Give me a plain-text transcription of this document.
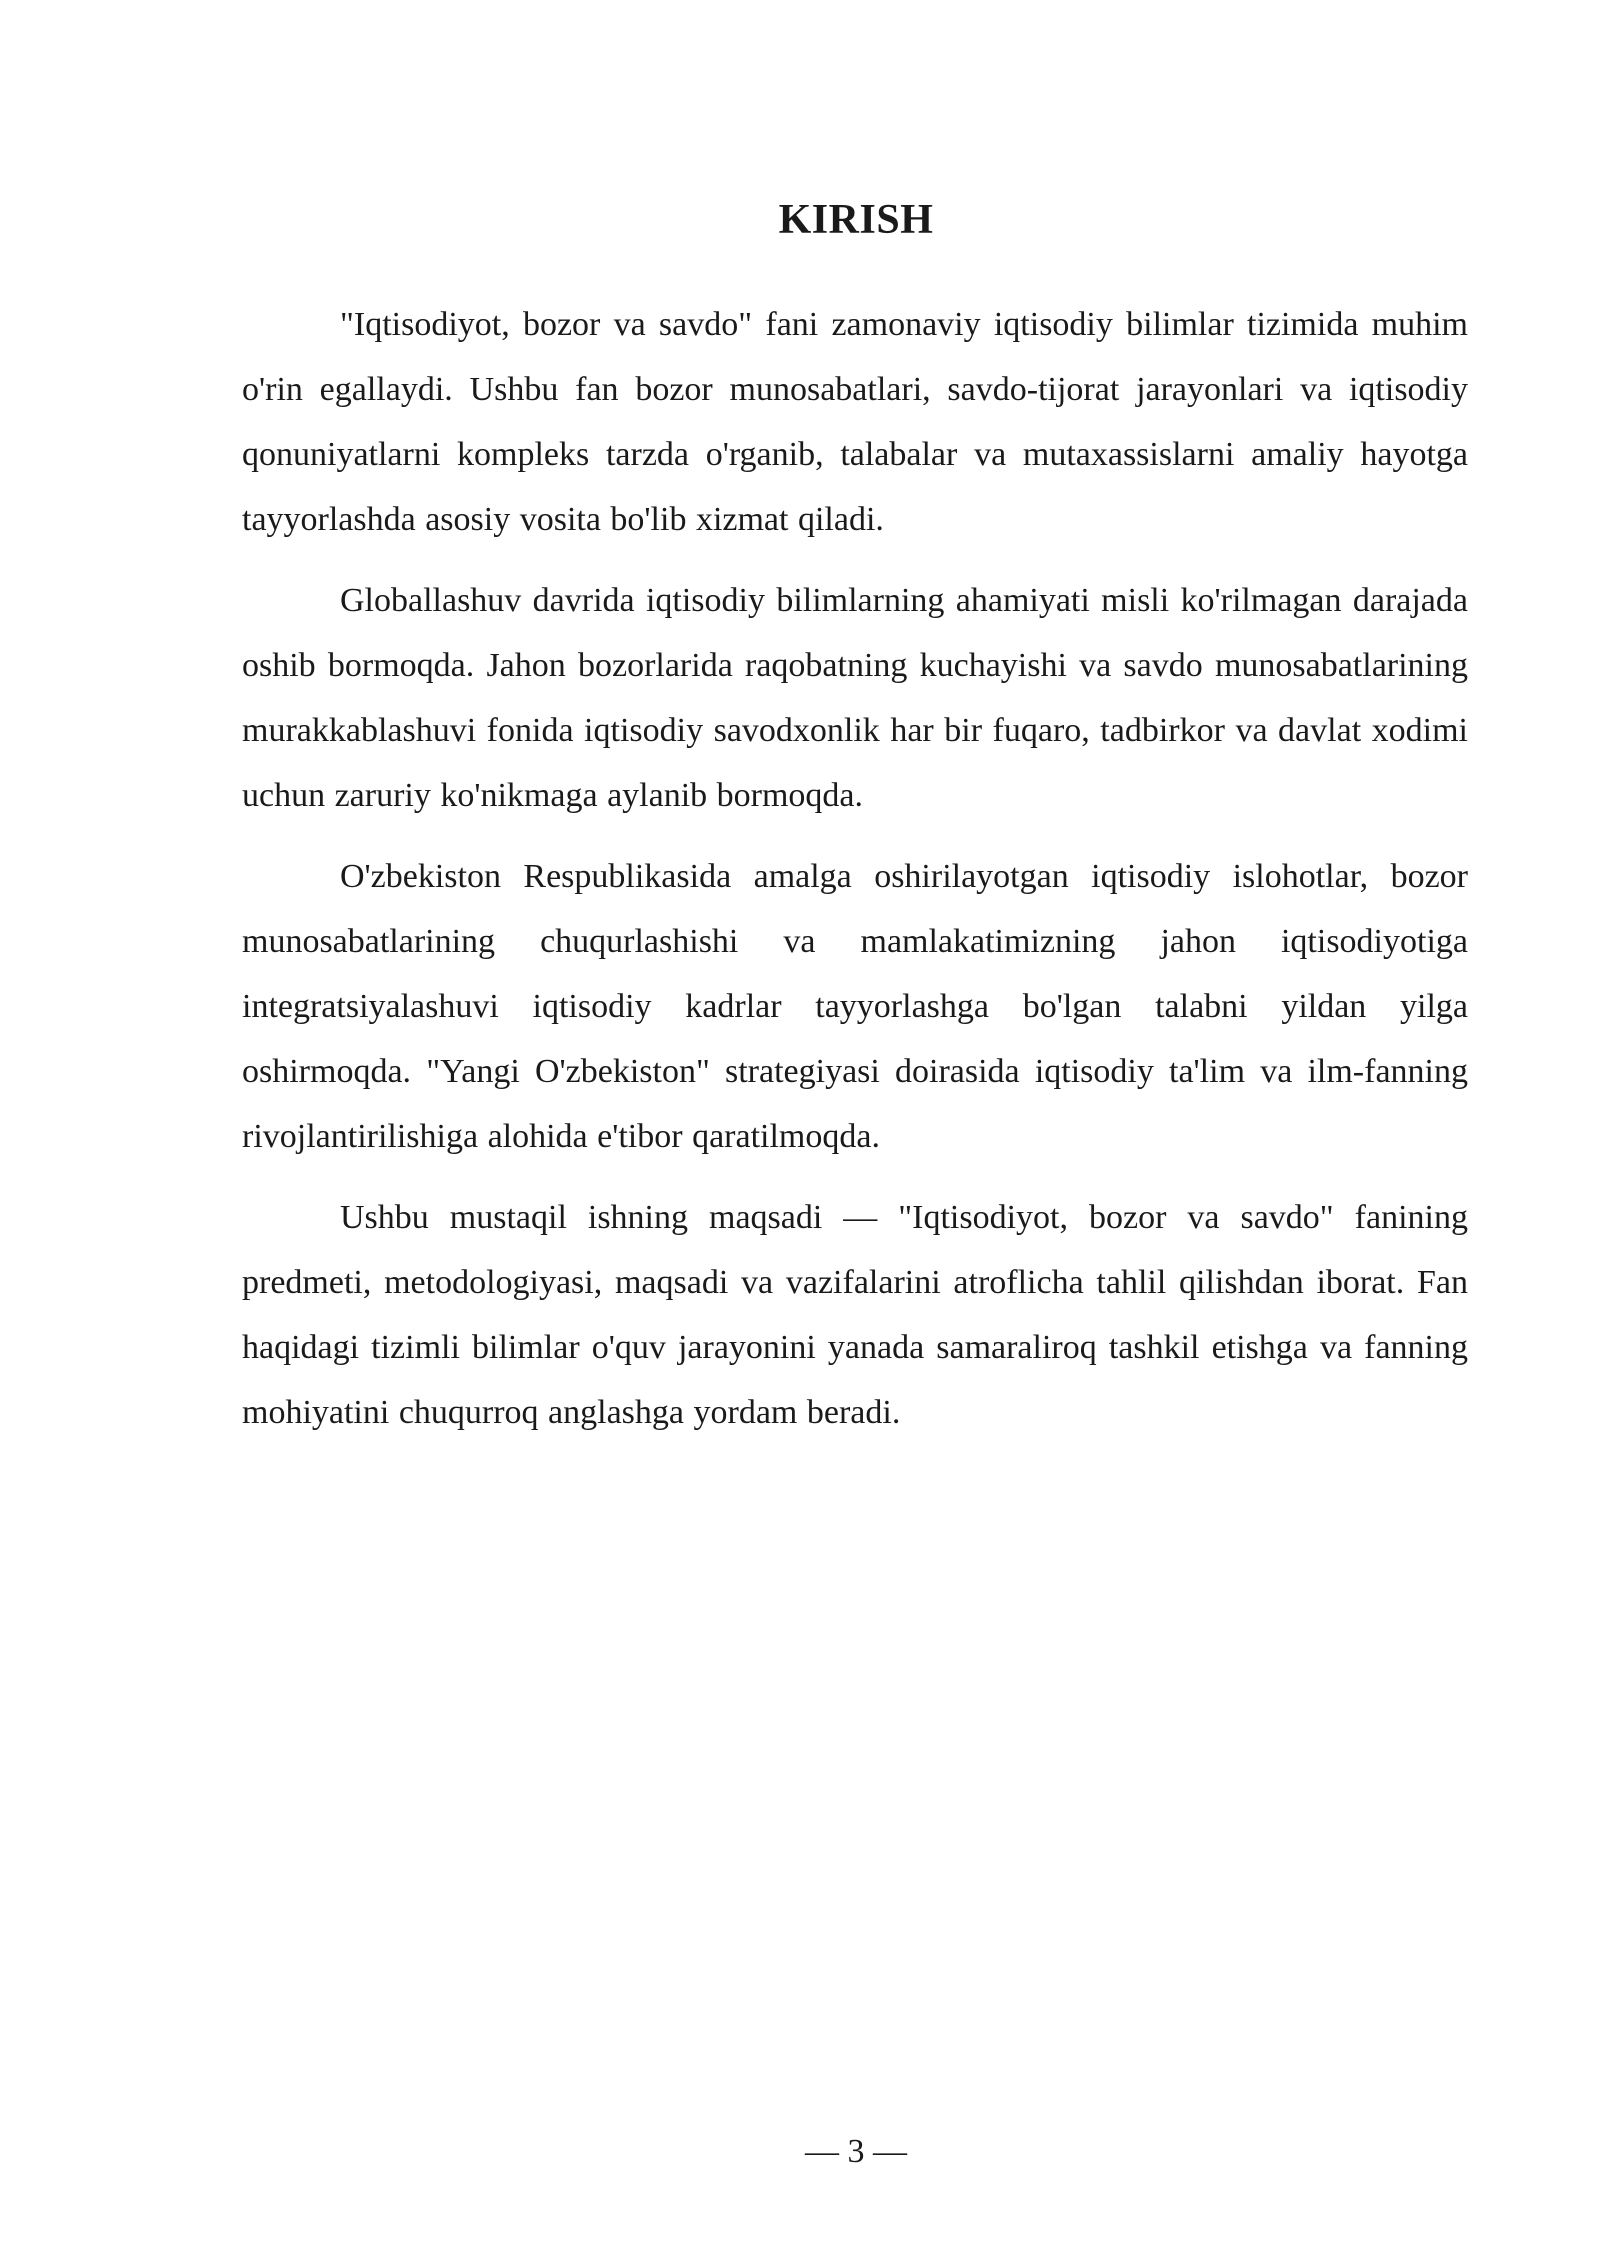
KIRISH

"Iqtisodiyot, bozor va savdo" fani zamonaviy iqtisodiy bilimlar tizimida muhim o'rin egallaydi. Ushbu fan bozor munosabatlari, savdo-tijorat jarayonlari va iqtisodiy qonuniyatlarni kompleks tarzda o'rganib, talabalar va mutaxassislarni amaliy hayotga tayyorlashda asosiy vosita bo'lib xizmat qiladi.

Globallashuv davrida iqtisodiy bilimlarning ahamiyati misli ko'rilmagan darajada oshib bormoqda. Jahon bozorlarida raqobatning kuchayishi va savdo munosabatlarining murakkablashuvi fonida iqtisodiy savodxonlik har bir fuqaro, tadbirkor va davlat xodimi uchun zaruriy ko'nikmaga aylanib bormoqda.

O'zbekiston Respublikasida amalga oshirilayotgan iqtisodiy islohotlar, bozor munosabatlarining chuqurlashishi va mamlakatimizning jahon iqtisodiyotiga integratsiyalashuvi iqtisodiy kadrlar tayyorlashga bo'lgan talabni yildan yilga oshirmoqda. "Yangi O'zbekiston" strategiyasi doirasida iqtisodiy ta'lim va ilm-fanning rivojlantirilishiga alohida e'tibor qaratilmoqda.

Ushbu mustaqil ishning maqsadi — "Iqtisodiyot, bozor va savdo" fanining predmeti, metodologiyasi, maqsadi va vazifalarini atroflicha tahlil qilishdan iborat. Fan haqidagi tizimli bilimlar o'quv jarayonini yanada samaraliroq tashkil etishga va fanning mohiyatini chuqurroq anglashga yordam beradi.

— 3 —
